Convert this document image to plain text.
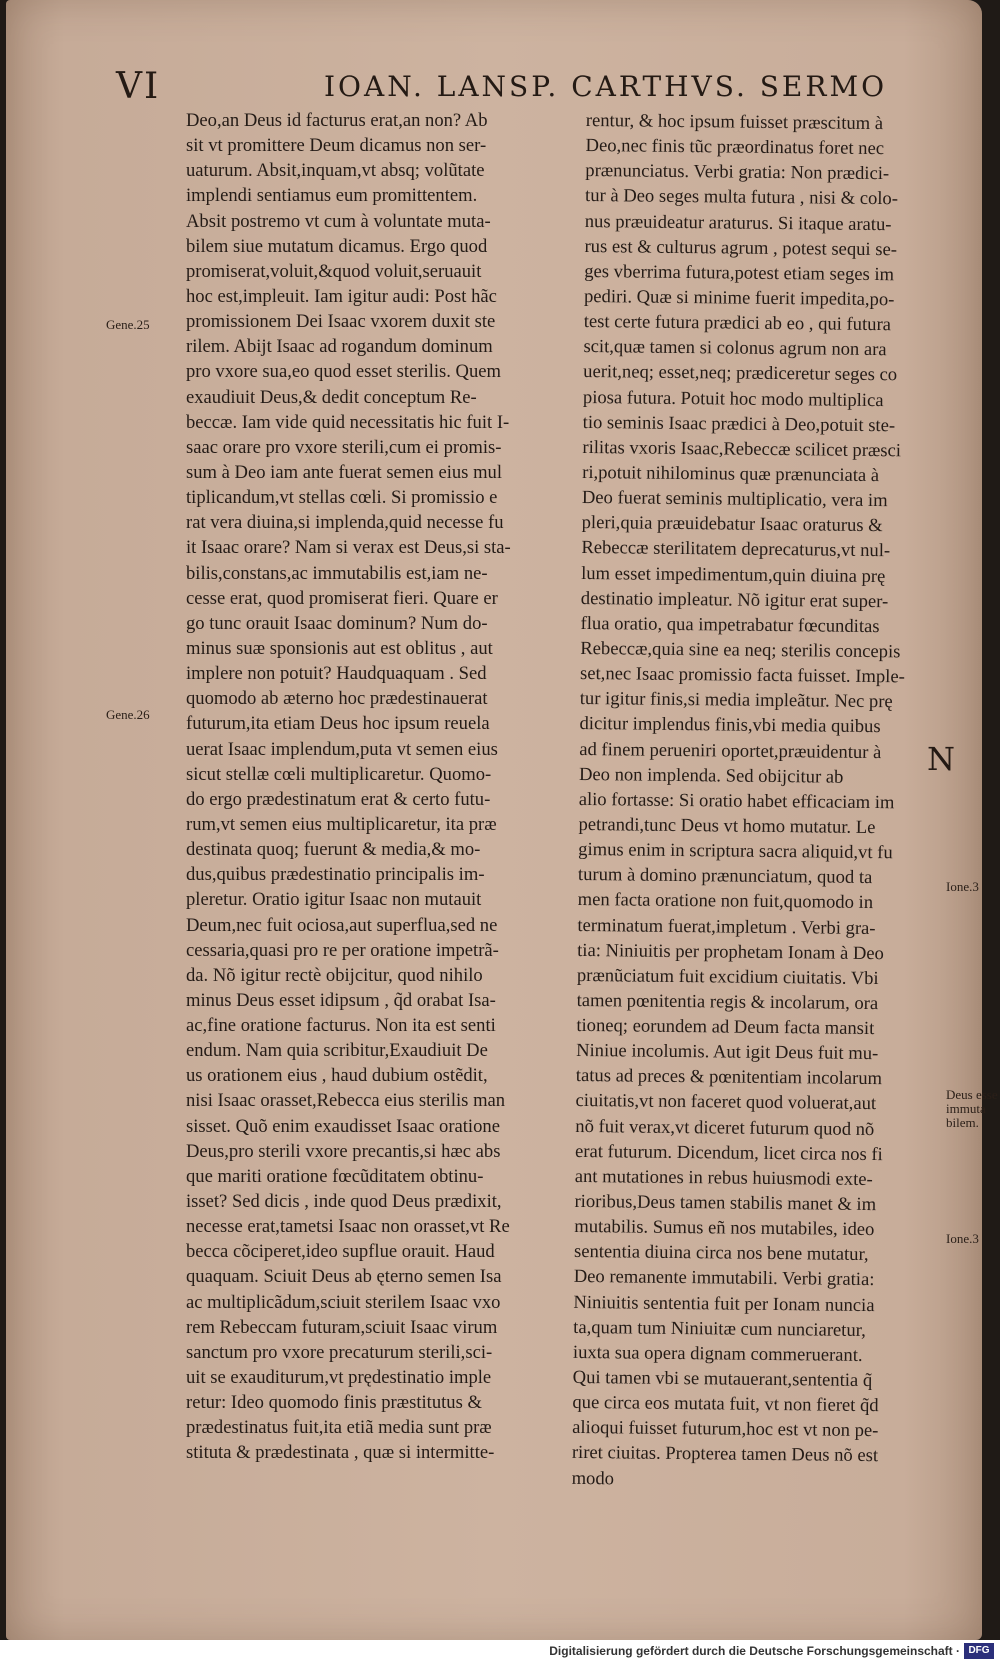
VI	IOAN. LANSP. CARTHVS. SERMO
Deo,an Deus id facturus erat,an non? Ab
sit vt promittere Deum dicamus non ser-
uaturum. Absit,inquam,vt absq; volũtate
implendi sentiamus eum promittentem.
Absit postremo vt cum à voluntate muta-
bilem siue mutatum dicamus. Ergo quod
promiserat,voluit,&quod voluit,seruauit
hoc est,impleuit. Iam igitur audi: Post hãc
promissionem Dei Isaac vxorem duxit ste
rilem. Abijt Isaac ad rogandum dominum
pro vxore sua,eo quod esset sterilis. Quem
exaudiuit Deus,& dedit conceptum Re-
beccæ. Iam vide quid necessitatis hic fuit I-
saac orare pro vxore sterili,cum ei promis-
sum à Deo iam ante fuerat semen eius mul
tiplicandum,vt stellas cœli. Si promissio e
rat vera diuina,si implenda,quid necesse fu
it Isaac orare? Nam si verax est Deus,si sta-
bilis,constans,ac immutabilis est,iam ne-
cesse erat, quod promiserat fieri. Quare er
go tunc orauit Isaac dominum? Num do-
minus suæ sponsionis aut est oblitus , aut
implere non potuit? Haudquaquam . Sed
quomodo ab æterno hoc prædestinauerat
futurum,ita etiam Deus hoc ipsum reuela
uerat Isaac implendum,puta vt semen eius
sicut stellæ cœli multiplicaretur. Quomo-
do ergo prædestinatum erat & certo futu-
rum,vt semen eius multiplicaretur, ita præ
destinata quoq; fuerunt & media,& mo-
dus,quibus prædestinatio principalis im-
pleretur. Oratio igitur Isaac non mutauit
Deum,nec fuit ociosa,aut superflua,sed ne
cessaria,quasi pro re per oratione impetrã-
da. Nõ igitur rectè obijcitur, quod nihilo
minus Deus esset idipsum , q̃d orabat Isa-
ac,fine oratione facturus. Non ita est senti
endum. Nam quia scribitur,Exaudiuit De
us orationem eius , haud dubium ostẽdit,
nisi Isaac orasset,Rebecca eius sterilis man
sisset. Quõ enim exaudisset Isaac oratione
Deus,pro sterili vxore precantis,si hæc abs
que mariti oratione fœcũditatem obtinu-
isset? Sed dicis , inde quod Deus prædixit,
necesse erat,tametsi Isaac non orasset,vt Re
becca cõciperet,ideo supflue orauit. Haud
quaquam. Sciuit Deus ab ęterno semen Isa
ac multiplicãdum,sciuit sterilem Isaac vxo
rem Rebeccam futuram,sciuit Isaac virum
sanctum pro vxore precaturum sterili,sci-
uit se exauditurum,vt prędestinatio imple
retur: Ideo quomodo finis præstitutus &
prædestinatus fuit,ita etiã media sunt præ
stituta & prædestinata , quæ si intermitte-
rentur, & hoc ipsum fuisset præscitum à
Deo,nec finis tũc præordinatus foret nec
prænunciatus. Verbi gratia: Non prædici-
tur à Deo seges multa futura , nisi & colo-
nus præuideatur araturus. Si itaque aratu-
rus est & culturus agrum , potest sequi se-
ges vberrima futura,potest etiam seges im
pediri. Quæ si minime fuerit impedita,po-
test certe futura prædici ab eo , qui futura
scit,quæ tamen si colonus agrum non ara
uerit,neq; esset,neq; prædiceretur seges co
piosa futura. Potuit hoc modo multiplica
tio seminis Isaac prædici à Deo,potuit ste-
rilitas vxoris Isaac,Rebeccæ scilicet præsci
ri,potuit nihilominus quæ prænunciata à
Deo fuerat seminis multiplicatio, vera im
pleri,quia præuidebatur Isaac oraturus &
Rebeccæ sterilitatem deprecaturus,vt nul-
lum esset impedimentum,quin diuina prę
destinatio impleatur. Nõ igitur erat super-
flua oratio, qua impetrabatur fœcunditas
Rebeccæ,quia sine ea neq; sterilis concepis
set,nec Isaac promissio facta fuisset. Imple-
tur igitur finis,si media impleãtur. Nec prę
dicitur implendus finis,vbi media quibus
ad finem perueniri oportet,præuidentur à
Deo non implenda. Sed obijcitur ab
alio fortasse: Si oratio habet efficaciam im
petrandi,tunc Deus vt homo mutatur. Le
gimus enim in scriptura sacra aliquid,vt fu
turum à domino prænunciatum, quod ta
men facta oratione non fuit,quomodo in
terminatum fuerat,impletum . Verbi gra-
tia: Niniuitis per prophetam Ionam à Deo
prænũciatum fuit excidium ciuitatis. Vbi
tamen pœnitentia regis & incolarum, ora
tioneq; eorundem ad Deum facta mansit
Niniue incolumis. Aut igit Deus fuit mu-
tatus ad preces & pœnitentiam incolarum
ciuitatis,vt non faceret quod voluerat,aut
nõ fuit verax,vt diceret futurum quod nõ
erat futurum. Dicendum, licet circa nos fi
ant mutationes in rebus huiusmodi exte-
rioribus,Deus tamen stabilis manet & im
mutabilis. Sumus eñ nos mutabiles, ideo
sententia diuina circa nos bene mutatur,
Deo remanente immutabili. Verbi gratia:
Niniuitis sententia fuit per Ionam nuncia
ta,quam tum Niniuitæ cum nunciaretur,
iuxta sua opera dignam commeruerant.
Qui tamen vbi se mutauerant,sententia q̃
que circa eos mutata fuit, vt non fieret q̃d
alioqui fuisset futurum,hoc est vt non pe-
riret ciuitas. Propterea tamen Deus nõ est
modo
Gene.25
Gene.26
Ione.3
Deus esse
immuta
bilem.
Ione.3
N
Digitalisierung gefördert durch die Deutsche Forschungsgemeinschaft · DFG
